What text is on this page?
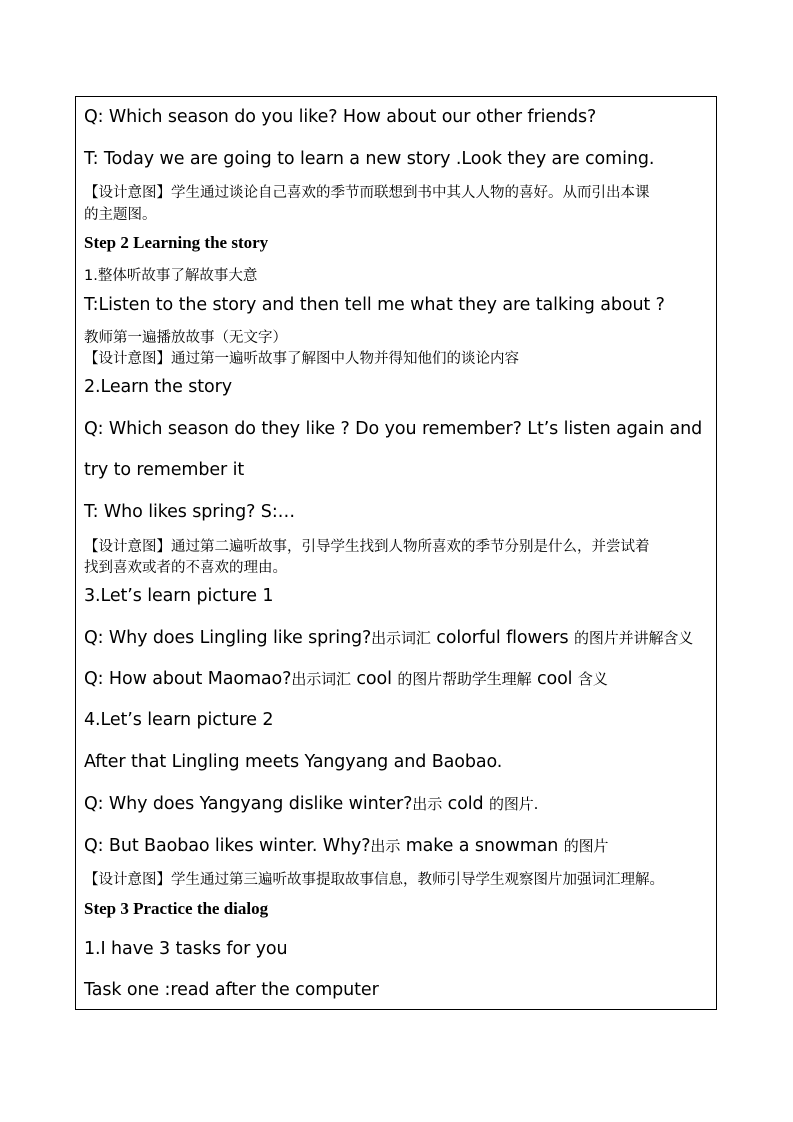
Q: Which season do you like? How about our other friends?
T: Today we are going to learn a new story .Look they are coming.
【设计意图】学生通过谈论自己喜欢的季节而联想到书中其人人物的喜好。从而引出本课
的主题图。
Step 2 Learning the story
1.整体听故事了解故事大意
T:Listen to the story and then tell me what they are talking about ?
教师第一遍播放故事（无文字）
【设计意图】通过第一遍听故事了解图中人物并得知他们的谈论内容
2.Learn the story
Q: Which season do they like ? Do you remember? Lt’s listen again and
try to remember it
T: Who likes spring? S:…
【设计意图】通过第二遍听故事，引导学生找到人物所喜欢的季节分别是什么，并尝试着
找到喜欢或者的不喜欢的理由。
3.Let’s learn picture 1
Q: Why does Lingling like spring?出示词汇 colorful flowers 的图片并讲解含义
Q: How about Maomao?出示词汇 cool 的图片帮助学生理解 cool 含义
4.Let’s learn picture 2
After that Lingling meets Yangyang and Baobao.
Q: Why does Yangyang dislike winter?出示 cold 的图片.
Q: But Baobao likes winter. Why?出示 make a snowman 的图片
【设计意图】学生通过第三遍听故事提取故事信息，教师引导学生观察图片加强词汇理解。
Step 3 Practice the dialog
1.I have 3 tasks for you
Task one :read after the computer
